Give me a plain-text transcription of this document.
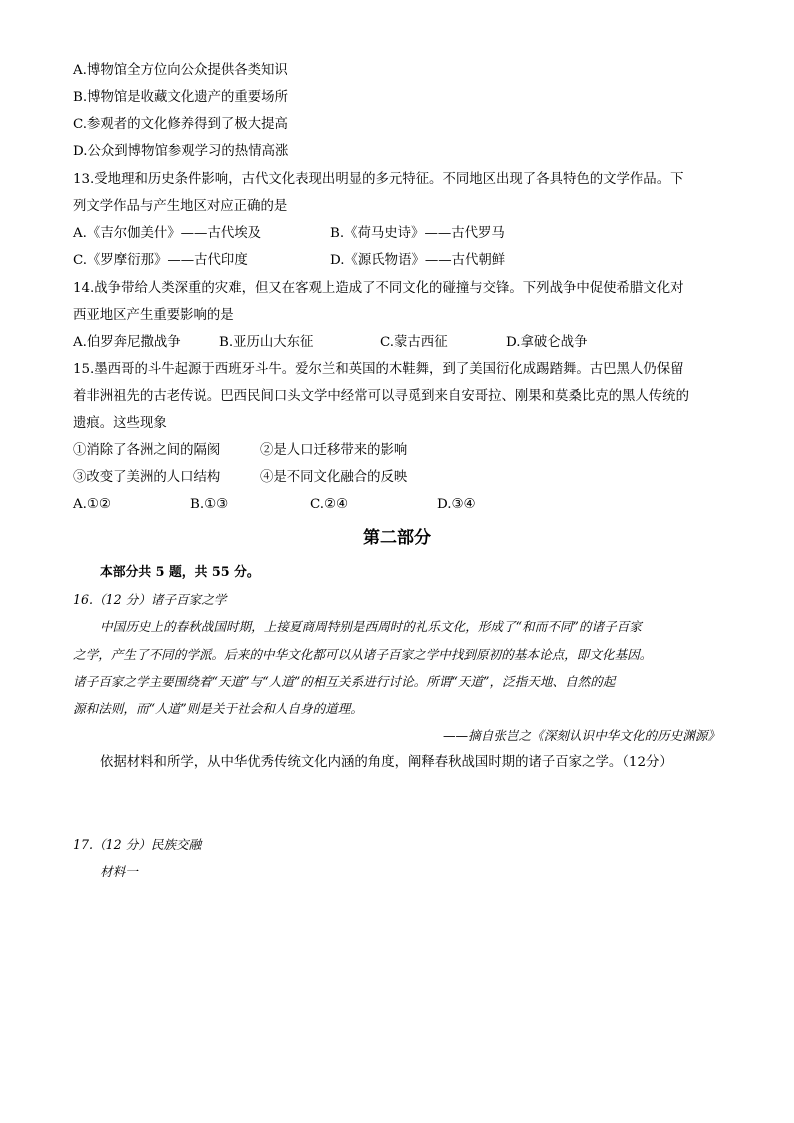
A.博物馆全方位向公众提供各类知识
B.博物馆是收藏文化遗产的重要场所
C.参观者的文化修养得到了极大提高
D.公众到博物馆参观学习的热情高涨
13.受地理和历史条件影响，古代文化表现出明显的多元特征。不同地区出现了各具特色的文学作品。下
列文学作品与产生地区对应正确的是
A.《吉尔伽美什》——古代埃及	B.《荷马史诗》——古代罗马
C.《罗摩衍那》——古代印度	D.《源氏物语》——古代朝鲜
14.战争带给人类深重的灾难，但又在客观上造成了不同文化的碰撞与交锋。下列战争中促使希腊文化对
西亚地区产生重要影响的是
A.伯罗奔尼撒战争	B.亚历山大东征	C.蒙古西征	D.拿破仑战争
15.墨西哥的斗牛起源于西班牙斗牛。爱尔兰和英国的木鞋舞，到了美国衍化成踢踏舞。古巴黑人仍保留
着非洲祖先的古老传说。巴西民间口头文学中经常可以寻觅到来自安哥拉、刚果和莫桑比克的黑人传统的
遗痕。这些现象
①消除了各洲之间的隔阂	②是人口迁移带来的影响
③改变了美洲的人口结构	④是不同文化融合的反映
A.①②	B.①③	C.②④	D.③④
第二部分
本部分共 5 题，共 55 分。
16.（12 分）诸子百家之学
中国历史上的春秋战国时期，上接夏商周特别是西周时的礼乐文化，形成了“和而不同”的诸子百家
之学，产生了不同的学派。后来的中华文化都可以从诸子百家之学中找到原初的基本论点，即文化基因。
诸子百家之学主要围绕着“天道”与“人道”的相互关系进行讨论。所谓“天道”，泛指天地、自然的起
源和法则，而“人道”则是关于社会和人自身的道理。
——摘自张岂之《深刻认识中华文化的历史渊源》
依据材料和所学，从中华优秀传统文化内涵的角度，阐释春秋战国时期的诸子百家之学。（12分）
17.（12 分）民族交融
材料一
